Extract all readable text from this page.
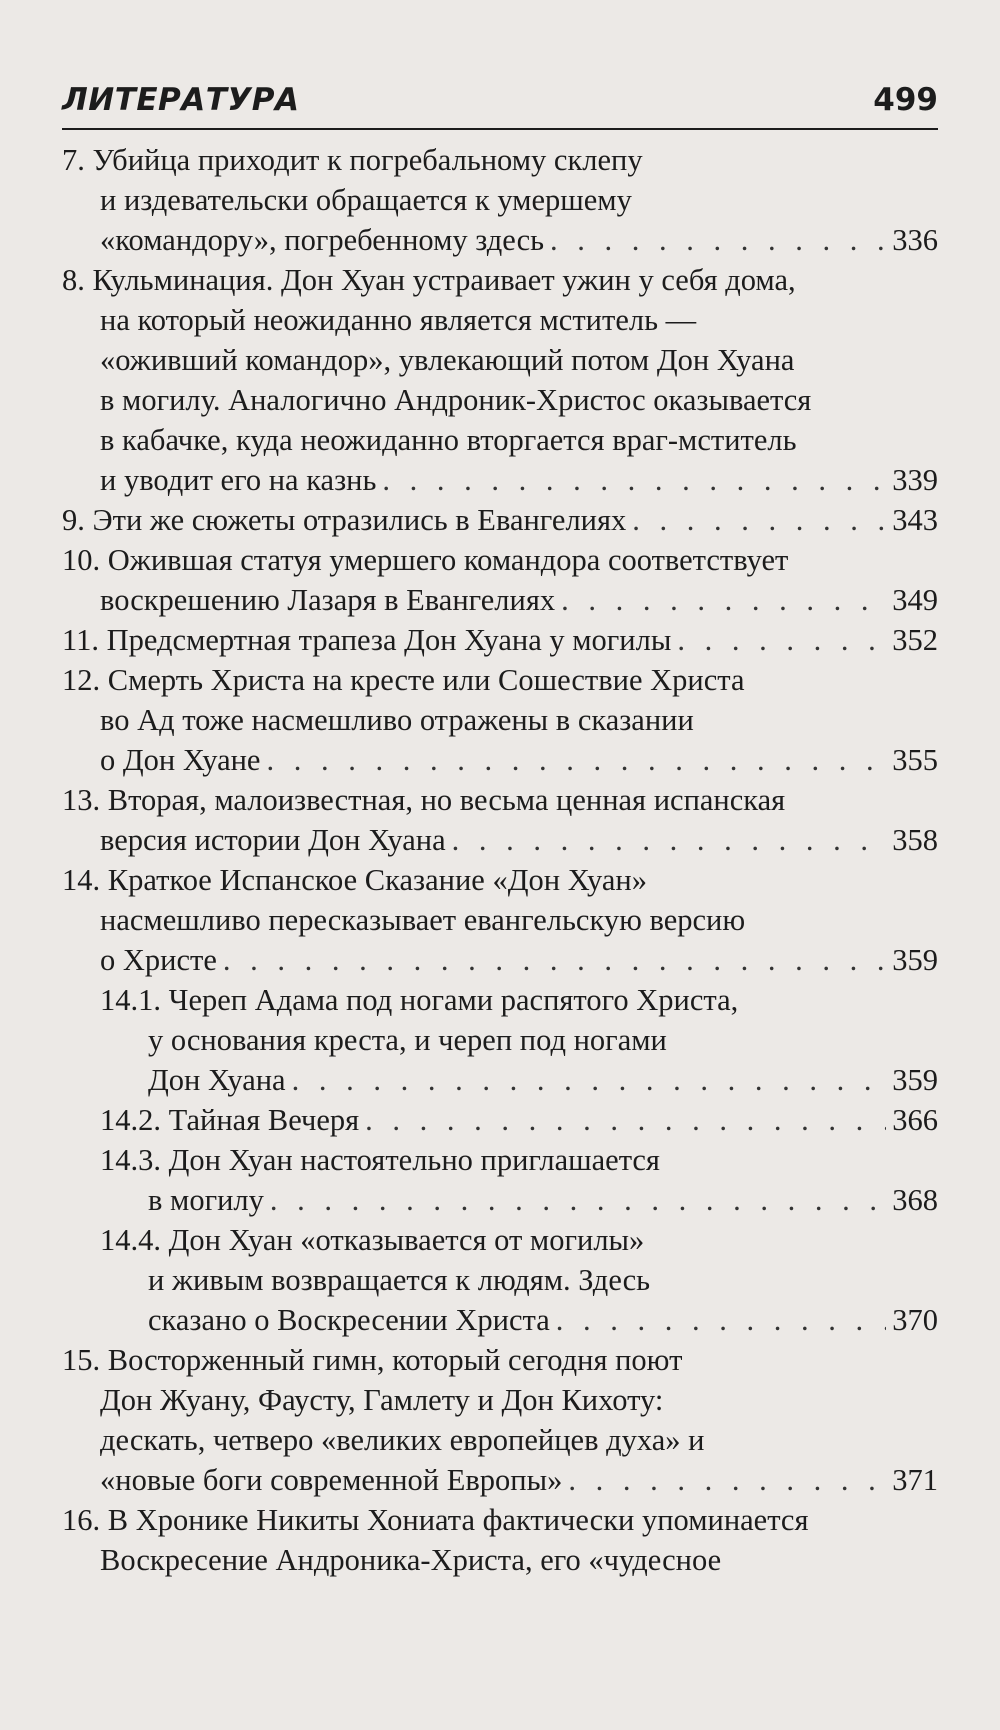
ЛИТЕРАТУРА	499
7. Убийца приходит к погребальному склепу
и издевательски обращается к умершему
«командору», погребенному здесь . . .	336
8. Кульминация. Дон Хуан устраивает ужин у себя дома,
на который неожиданно является мститель —
«оживший командор», увлекающий потом Дон Хуана
в могилу. Аналогично Андроник-Христос оказывается
в кабачке, куда неожиданно вторгается враг-мститель
и уводит его на казнь . . .	339
9. Эти же сюжеты отразились в Евангелиях . . .	343
10. Ожившая статуя умершего командора соответствует
воскрешению Лазаря в Евангелиях . . .	349
11. Предсмертная трапеза Дон Хуана у могилы . . .	352
12. Смерть Христа на кресте или Сошествие Христа
во Ад тоже насмешливо отражены в сказании
о Дон Хуане . . .	355
13. Вторая, малоизвестная, но весьма ценная испанская
версия истории Дон Хуана . . .	358
14. Краткое Испанское Сказание «Дон Хуан»
насмешливо пересказывает евангельскую версию
о Христе . . .	359
14.1. Череп Адама под ногами распятого Христа,
у основания креста, и череп под ногами
Дон Хуана . . .	359
14.2. Тайная Вечеря . . .	366
14.3. Дон Хуан настоятельно приглашается
в могилу . . .	368
14.4. Дон Хуан «отказывается от могилы»
и живым возвращается к людям. Здесь
сказано о Воскресении Христа . . .	370
15. Восторженный гимн, который сегодня поют
Дон Жуану, Фаусту, Гамлету и Дон Кихоту:
дескать, четверо «великих европейцев духа» и
«новые боги современной Европы» . . .	371
16. В Хронике Никиты Хониата фактически упоминается
Воскресение Андроника-Христа, его «чудесное
